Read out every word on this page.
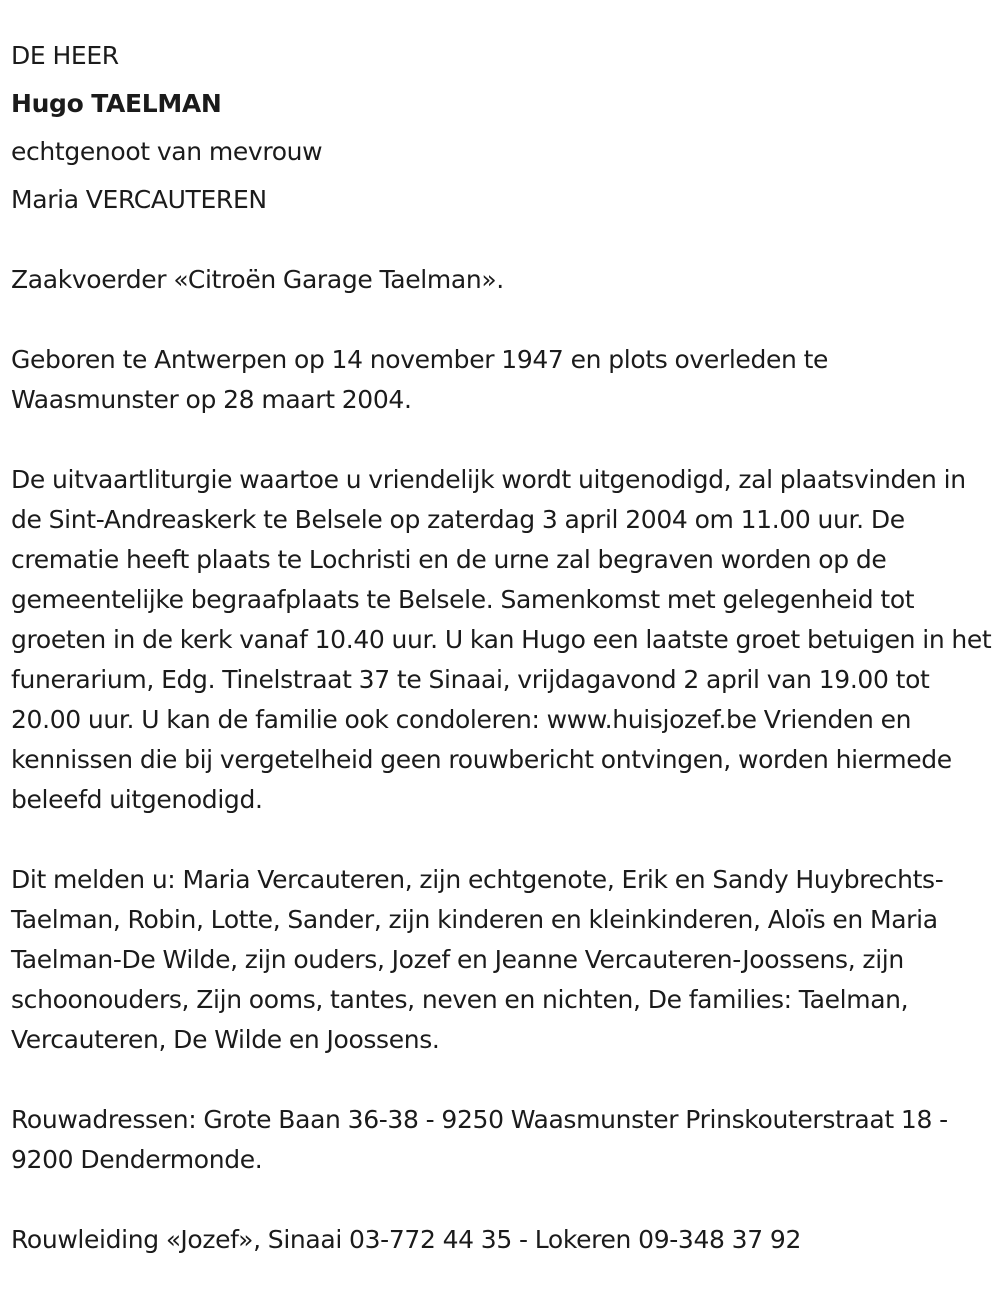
DE HEER
Hugo TAELMAN
echtgenoot van mevrouw
Maria VERCAUTEREN

Zaakvoerder «Citroën Garage Taelman».

Geboren te Antwerpen op 14 november 1947 en plots overleden te Waasmunster op 28 maart 2004.

De uitvaartliturgie waartoe u vriendelijk wordt uitgenodigd, zal plaatsvinden in de Sint-Andreaskerk te Belsele op zaterdag 3 april 2004 om 11.00 uur. De crematie heeft plaats te Lochristi en de urne zal begraven worden op de gemeentelijke begraafplaats te Belsele. Samenkomst met gelegenheid tot groeten in de kerk vanaf 10.40 uur. U kan Hugo een laatste groet betuigen in het funerarium, Edg. Tinelstraat 37 te Sinaai, vrijdagavond 2 april van 19.00 tot 20.00 uur. U kan de familie ook condoleren: www.huisjozef.be Vrienden en kennissen die bij vergetelheid geen rouwbericht ontvingen, worden hiermede beleefd uitgenodigd.

Dit melden u: Maria Vercauteren, zijn echtgenote, Erik en Sandy Huybrechts-Taelman, Robin, Lotte, Sander, zijn kinderen en kleinkinderen, Aloïs en Maria Taelman-De Wilde, zijn ouders, Jozef en Jeanne Vercauteren-Joossens, zijn schoonouders, Zijn ooms, tantes, neven en nichten, De families: Taelman, Vercauteren, De Wilde en Joossens.

Rouwadressen: Grote Baan 36-38 - 9250 Waasmunster Prinskouterstraat 18 - 9200 Dendermonde.

Rouwleiding «Jozef», Sinaai 03-772 44 35 - Lokeren 09-348 37 92
